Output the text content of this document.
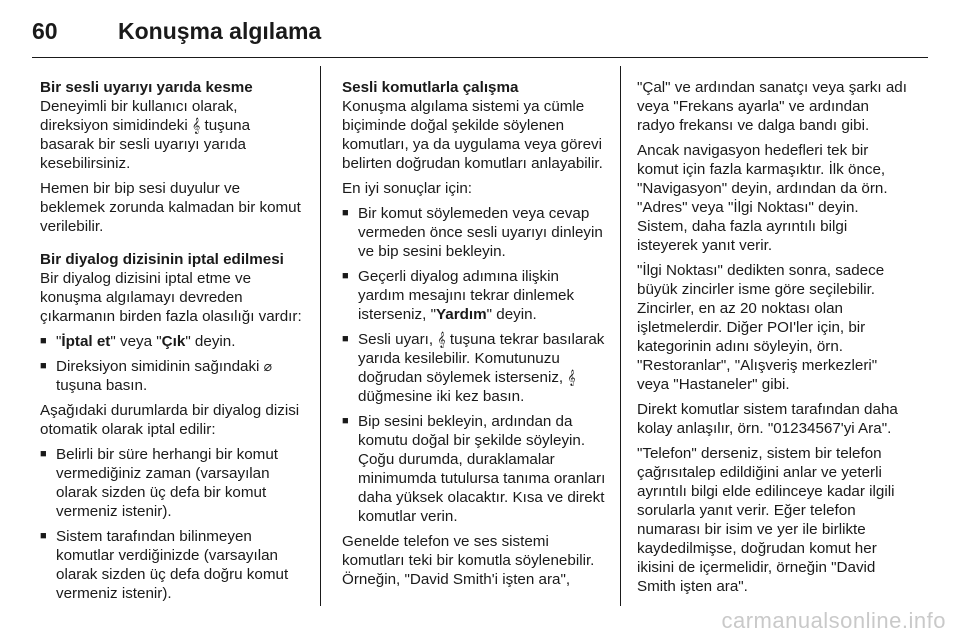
60	Konuşma algılama
Bir sesli uyarıyı yarıda kesme

Deneyimli bir kullanıcı olarak, direksiyon simidindeki 𝄞 tuşuna basarak bir sesli uyarıyı yarıda kesebilirsiniz.

Hemen bir bip sesi duyulur ve beklemek zorunda kalmadan bir komut verilebilir.

Bir diyalog dizisinin iptal edilmesi

Bir diyalog dizisini iptal etme ve konuşma algılamayı devreden çıkarmanın birden fazla olasılığı vardır:

■ "İptal et" veya "Çık" deyin.
■ Direksiyon simidinin sağındaki ⌀
tuşuna basın.

Aşağıdaki durumlarda bir diyalog dizisi otomatik olarak iptal edilir:

■ Belirli bir süre herhangi bir komut vermediğiniz zaman (varsayılan olarak sizden üç defa bir komut vermeniz istenir).
■ Sistem tarafından bilinmeyen komutlar verdiğinizde (varsayılan olarak sizden üç defa doğru komut vermeniz istenir).
Sesli komutlarla çalışma

Konuşma algılama sistemi ya cümle biçiminde doğal şekilde söylenen komutları, ya da uygulama veya görevi belirten doğrudan komutları anlayabilir.

En iyi sonuçlar için:

■ Bir komut söylemeden veya cevap vermeden önce sesli uyarıyı dinleyin ve bip sesini bekleyin.
■ Geçerli diyalog adımına ilişkin yardım mesajını tekrar dinlemek isterseniz, "Yardım" deyin.
■ Sesli uyarı, 𝄞 tuşuna tekrar basılarak yarıda kesilebilir. Komutunuzu doğrudan söylemek isterseniz, 𝄞 düğmesine iki kez basın.
■ Bip sesini bekleyin, ardından da komutu doğal bir şekilde söyleyin. Çoğu durumda, duraklamalar minimumda tutulursa tanıma oranları daha yüksek olacaktır. Kısa ve direkt komutlar verin.

Genelde telefon ve ses sistemi komutları teki bir komutla söylenebilir. Örneğin, "David Smith'i işten ara",

"Çal" ve ardından sanatçı veya şarkı adı veya "Frekans ayarla" ve ardından radyo frekansı ve dalga bandı gibi.

Ancak navigasyon hedefleri tek bir komut için fazla karmaşıktır. İlk önce, "Navigasyon" deyin, ardından da örn. "Adres" veya "İlgi Noktası" deyin. Sistem, daha fazla ayrıntılı bilgi isteyerek yanıt verir.

"İlgi Noktası" dedikten sonra, sadece büyük zincirler isme göre seçilebilir. Zincirler, en az 20 noktası olan işletmelerdir. Diğer POI'ler için, bir kategorinin adını söyleyin, örn. "Restoranlar", "Alışveriş merkezleri" veya "Hastaneler" gibi.

Direkt komutlar sistem tarafından daha kolay anlaşılır, örn. "01234567'yi Ara".

"Telefon" derseniz, sistem bir telefon çağrısıtalep edildiğini anlar ve yeterli ayrıntılı bilgi elde edilinceye kadar ilgili sorularla yanıt verir. Eğer telefon numarası bir isim ve yer ile birlikte kaydedilmişse, doğrudan komut her ikisini de içermelidir, örneğin "David Smith işten ara".

carmanualsonline.info
